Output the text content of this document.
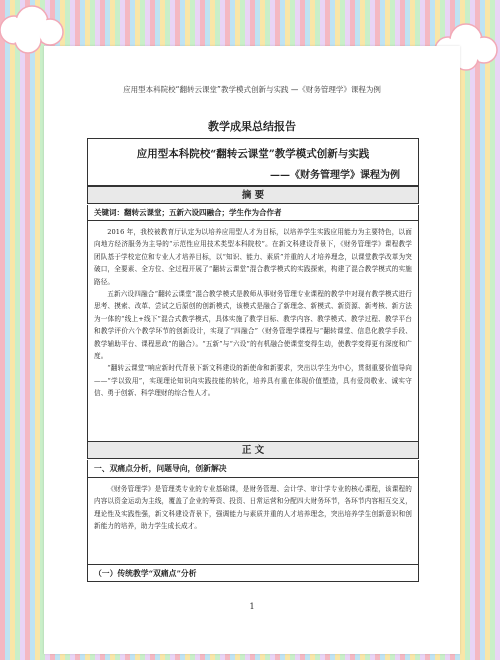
应用型本科院校“翻转云课堂”教学模式创新与实践 —《财务管理学》课程为例
教学成果总结报告
应用型本科院校“翻转云课堂”教学模式创新与实践
——《财务管理学》课程为例
摘 要
关键词：翻转云课堂；五新六设四融合；学生作为合作者

2016 年，我校被教育厅认定为以培养应用型人才为目标，以培养学生实践应用能力为主要特色，以面向地方经济服务为主导的“示范性应用技术类型本科院校”。在新文科建设背景下，《财务管理学》课程教学团队基于学校定位和专业人才培养目标，以“知识、能力、素质”并重的人才培养理念，以课堂教学改革为突破口，全要素、全方位、全过程开展了“翻转云课堂”混合教学模式的实践探索，构建了混合教学模式的实施路径。

五新六设四融合“翻转云课堂”混合教学模式是教师从事财务管理专业课程的教学中对现有教学模式进行思考、摸索、改革、尝试之后原创的创新模式，该模式是融合了新理念、新模式、新资源、新考核、新方法为一体的“线上+线下”混合式教学模式，具体实施了教学目标、教学内容、教学模式、教学过程、教学平台和教学评价六个教学环节的创新设计，实现了“四融合”（财务管理学课程与“翻转课堂、信息化教学手段、教学辅助平台、课程思政”的融合）。“五新”与“六设”的有机融合使课堂变得生动，使教学变得更有深度和广度。

“翻转云课堂”响应新时代背景下新文科建设的新使命和新要求，突出以学生为中心，贯彻重要价值导向——“学以致用”，实现理论知识向实践技能的转化，培养具有重在体现价值塑造，具有爱岗敬业、诚实守信、勇于创新、科学理财的综合性人才。

正 文
一、双痛点分析，问题导向，创新解决

《财务管理学》是管理类专业的专业基础课，是财务管理、会计学、审计学专业的核心课程，该课程的内容以资金运动为主线，覆盖了企业的筹资、投资、日常运营和分配四大财务环节，各环节内容相互交叉，理论性及实践性强，新文科建设背景下，强调能力与素质并重的人才培养理念，突出培养学生创新意识和创新能力的培养，助力学生成长成才。

（一）传统教学“双痛点”分析
1
